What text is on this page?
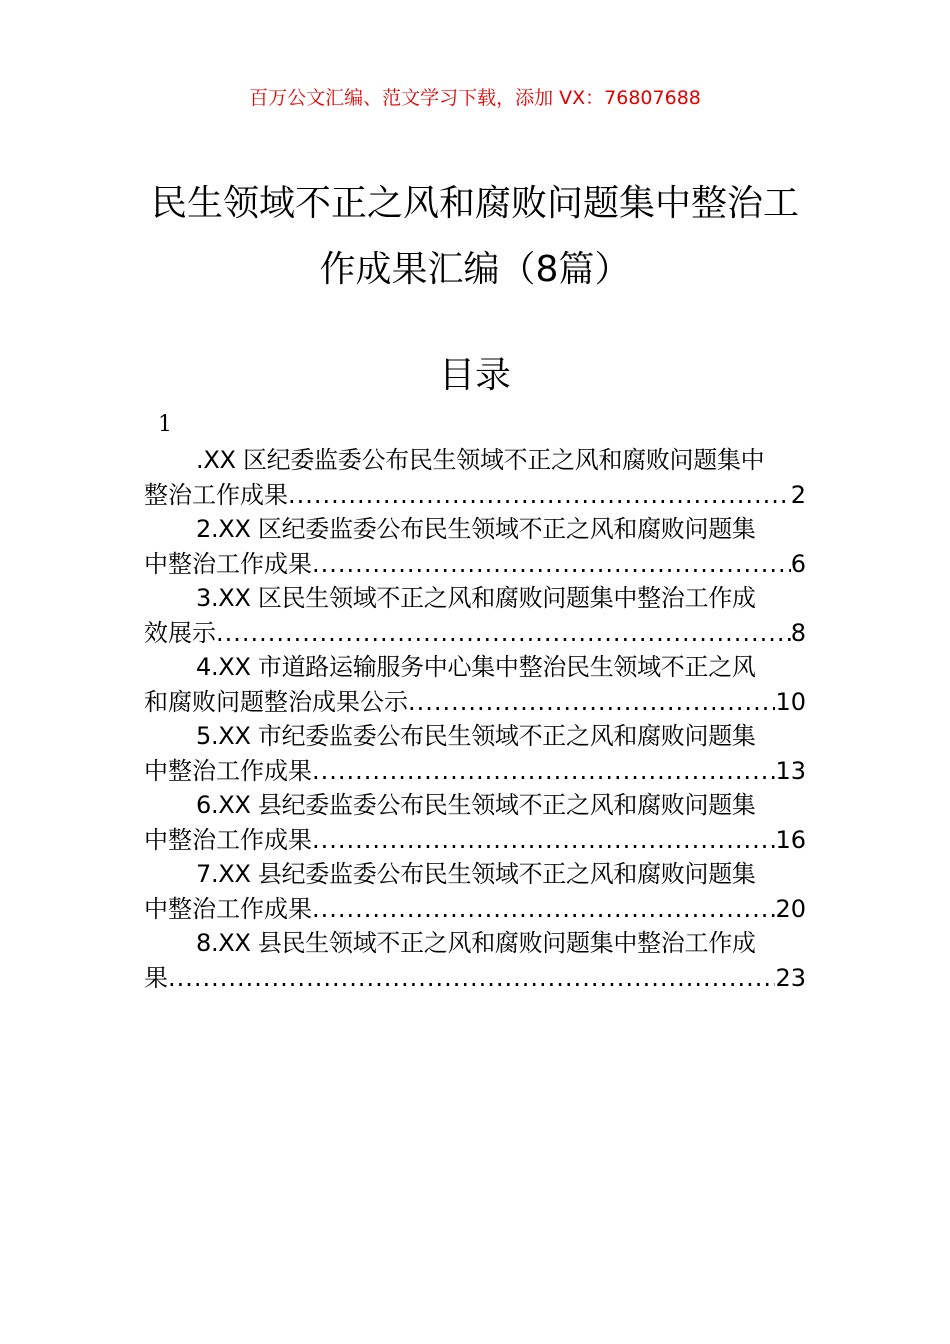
百万公文汇编、范文学习下载，添加 VX：76807688
民生领域不正之风和腐败问题集中整治工
作成果汇编（8篇）
目录
1
.XX 区纪委监委公布民生领域不正之风和腐败问题集中
整治工作成果 .....	2
2.XX 区纪委监委公布民生领域不正之风和腐败问题集
中整治工作成果 .....	6
3.XX 区民生领域不正之风和腐败问题集中整治工作成
效展示 .....	8
4.XX 市道路运输服务中心集中整治民生领域不正之风
和腐败问题整治成果公示 .....	10
5.XX 市纪委监委公布民生领域不正之风和腐败问题集
中整治工作成果 .....	13
6.XX 县纪委监委公布民生领域不正之风和腐败问题集
中整治工作成果 .....	16
7.XX 县纪委监委公布民生领域不正之风和腐败问题集
中整治工作成果 .....	20
8.XX 县民生领域不正之风和腐败问题集中整治工作成
果 .....	23
